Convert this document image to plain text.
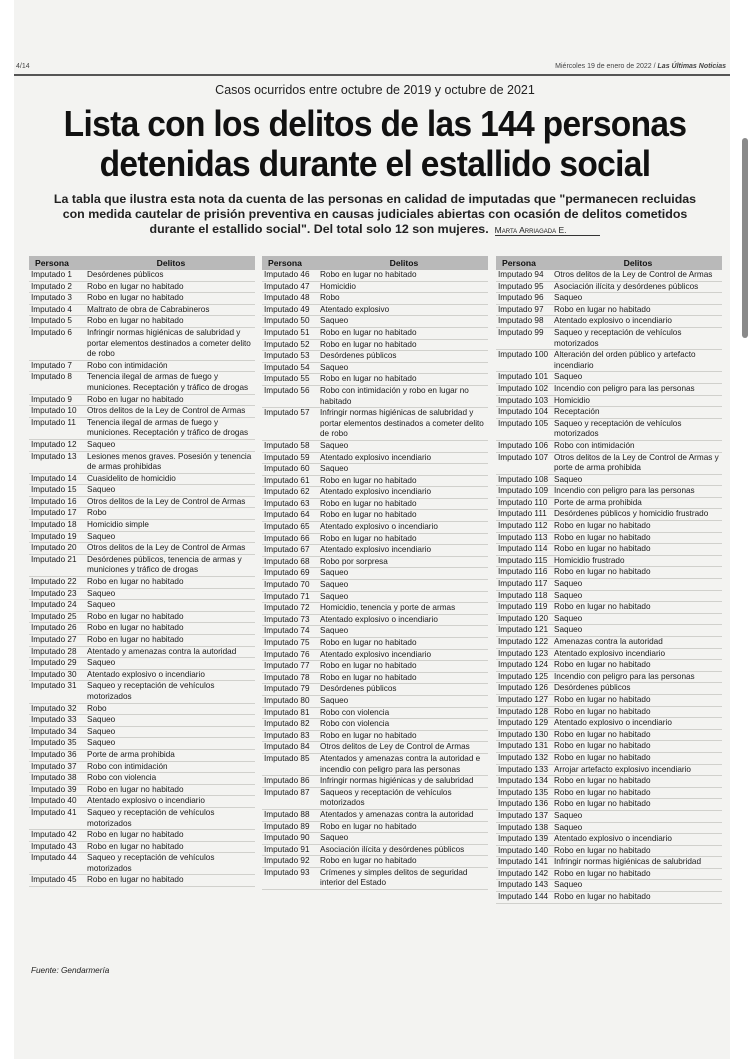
4/14	Miércoles 19 de enero de 2022 / Las Últimas Noticias
Casos ocurridos entre octubre de 2019 y octubre de 2021
Lista con los delitos de las 144 personas
detenidas durante el estallido social
La tabla que ilustra esta nota da cuenta de las personas en calidad de imputadas que "permanecen recluidas con medida cautelar de prisión preventiva en causas judiciales abiertas con ocasión de delitos cometidos durante el estallido social". Del total solo 12 son mujeres. Marta Arriagada E.
Persona	Delitos
Imputado 1	Desórdenes públicos
Imputado 2	Robo en lugar no habitado
Imputado 3	Robo en lugar no habitado
Imputado 4	Maltrato de obra de Cabrabineros
Imputado 5	Robo en lugar no habitado
Imputado 6	Infringir normas higiénicas de salubridad y portar elementos destinados a cometer delito de robo
Imputado 7	Robo con intimidación
Imputado 8	Tenencia ilegal de armas de fuego y municiones. Receptación y tráfico de drogas
Imputado 9	Robo en lugar no habitado
Imputado 10	Otros delitos de la Ley de Control de Armas
Imputado 11	Tenencia ilegal de armas de fuego y municiones. Receptación y tráfico de drogas
Imputado 12	Saqueo
Imputado 13	Lesiones menos graves. Posesión y tenencia de armas prohibidas
Imputado 14	Cuasidelito de homicidio
Imputado 15	Saqueo
Imputado 16	Otros delitos de la Ley de Control de Armas
Imputado 17	Robo
Imputado 18	Homicidio simple
Imputado 19	Saqueo
Imputado 20	Otros delitos de la Ley de Control de Armas
Imputado 21	Desórdenes públicos, tenencia de armas y municiones y tráfico de drogas
Imputado 22	Robo en lugar no habitado
Imputado 23	Saqueo
Imputado 24	Saqueo
Imputado 25	Robo en lugar no habitado
Imputado 26	Robo en lugar no habitado
Imputado 27	Robo en lugar no habitado
Imputado 28	Atentado y amenazas contra la autoridad
Imputado 29	Saqueo
Imputado 30	Atentado explosivo o incendiario
Imputado 31	Saqueo y receptación de vehículos motorizados
Imputado 32	Robo
Imputado 33	Saqueo
Imputado 34	Saqueo
Imputado 35	Saqueo
Imputado 36	Porte de arma prohibida
Imputado 37	Robo con intimidación
Imputado 38	Robo con violencia
Imputado 39	Robo en lugar no habitado
Imputado 40	Atentado explosivo o incendiario
Imputado 41	Saqueo y receptación de vehículos motorizados
Imputado 42	Robo en lugar no habitado
Imputado 43	Robo en lugar no habitado
Imputado 44	Saqueo y receptación de vehículos motorizados
Imputado 45	Robo en lugar no habitado
Persona	Delitos
Imputado 46	Robo en lugar no habitado
Imputado 47	Homicidio
Imputado 48	Robo
Imputado 49	Atentado explosivo
Imputado 50	Saqueo
Imputado 51	Robo en lugar no habitado
Imputado 52	Robo en lugar no habitado
Imputado 53	Desórdenes públicos
Imputado 54	Saqueo
Imputado 55	Robo en lugar no habitado
Imputado 56	Robo con intimidación y robo en lugar no habitado
Imputado 57	Infringir normas higiénicas de salubridad y portar elementos destinados a cometer delito de robo
Imputado 58	Saqueo
Imputado 59	Atentado explosivo incendiario
Imputado 60	Saqueo
Imputado 61	Robo en lugar no habitado
Imputado 62	Atentado explosivo incendiario
Imputado 63	Robo en lugar no habitado
Imputado 64	Robo en lugar no habitado
Imputado 65	Atentado explosivo o incendiario
Imputado 66	Robo en lugar no habitado
Imputado 67	Atentado explosivo incendiario
Imputado 68	Robo por sorpresa
Imputado 69	Saqueo
Imputado 70	Saqueo
Imputado 71	Saqueo
Imputado 72	Homicidio, tenencia y porte de armas
Imputado 73	Atentado explosivo o incendiario
Imputado 74	Saqueo
Imputado 75	Robo en lugar no habitado
Imputado 76	Atentado explosivo incendiario
Imputado 77	Robo en lugar no habitado
Imputado 78	Robo en lugar no habitado
Imputado 79	Desórdenes públicos
Imputado 80	Saqueo
Imputado 81	Robo con violencia
Imputado 82	Robo con violencia
Imputado 83	Robo en lugar no habitado
Imputado 84	Otros delitos de Ley de Control de Armas
Imputado 85	Atentados y amenazas contra la autoridad e incendio con peligro para las personas
Imputado 86	Infringir normas higiénicas y de salubridad
Imputado 87	Saqueos y receptación de vehículos motorizados
Imputado 88	Atentados y amenazas contra la autoridad
Imputado 89	Robo en lugar no habitado
Imputado 90	Saqueo
Imputado 91	Asociación ilícita y desórdenes públicos
Imputado 92	Robo en lugar no habitado
Imputado 93	Crímenes y simples delitos de seguridad interior del Estado
Persona	Delitos
Imputado 94	Otros delitos de la Ley de Control de Armas
Imputado 95	Asociación ilícita y desórdenes públicos
Imputado 96	Saqueo
Imputado 97	Robo en lugar no habitado
Imputado 98	Atentado explosivo o incendiario
Imputado 99	Saqueo y receptación de vehículos motorizados
Imputado 100 Alteración del orden público y artefacto incendiario
Imputado 101 Saqueo
Imputado 102 Incendio con peligro para las personas
Imputado 103 Homicidio
Imputado 104 Receptación
Imputado 105 Saqueo y receptación de vehículos motorizados
Imputado 106 Robo con intimidación
Imputado 107 Otros delitos de la Ley de Control de Armas y porte de arma prohibida
Imputado 108 Saqueo
Imputado 109 Incendio con peligro para las personas
Imputado 110 Porte de arma prohibida
Imputado 111 Desórdenes públicos y homicidio frustrado
Imputado 112 Robo en lugar no habitado
Imputado 113 Robo en lugar no habitado
Imputado 114 Robo en lugar no habitado
Imputado 115 Homicidio frustrado
Imputado 116 Robo en lugar no habitado
Imputado 117 Saqueo
Imputado 118 Saqueo
Imputado 119 Robo en lugar no habitado
Imputado 120 Saqueo
Imputado 121 Saqueo
Imputado 122 Amenazas contra la autoridad
Imputado 123 Atentado explosivo incendiario
Imputado 124 Robo en lugar no habitado
Imputado 125 Incendio con peligro para las personas
Imputado 126 Desórdenes públicos
Imputado 127 Robo en lugar no habitado
Imputado 128 Robo en lugar no habitado
Imputado 129 Atentado explosivo o incendiario
Imputado 130 Robo en lugar no habitado
Imputado 131 Robo en lugar no habitado
Imputado 132 Robo en lugar no habitado
Imputado 133 Arrojar artefacto explosivo incendiario
Imputado 134 Robo en lugar no habitado
Imputado 135 Robo en lugar no habitado
Imputado 136 Robo en lugar no habitado
Imputado 137 Saqueo
Imputado 138 Saqueo
Imputado 139 Atentado explosivo o incendiario
Imputado 140 Robo en lugar no habitado
Imputado 141 Infringir normas higiénicas de salubridad
Imputado 142 Robo en lugar no habitado
Imputado 143 Saqueo
Imputado 144 Robo en lugar no habitado
Fuente: Gendarmería
